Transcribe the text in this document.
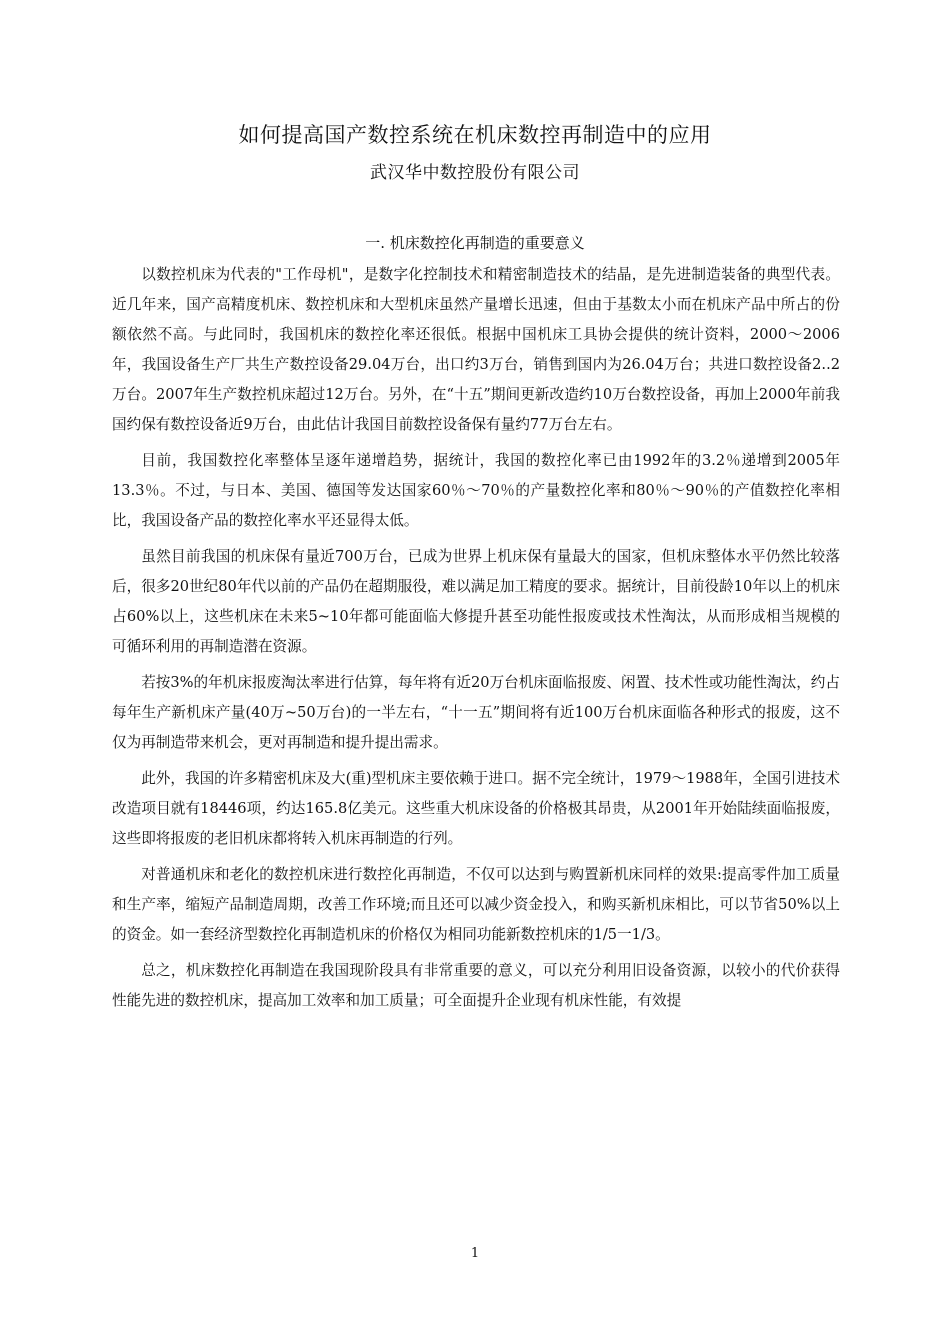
如何提高国产数控系统在机床数控再制造中的应用
武汉华中数控股份有限公司
一. 机床数控化再制造的重要意义

以数控机床为代表的"工作母机"，是数字化控制技术和精密制造技术的结晶，是先进制造装备的典型代表。近几年来，国产高精度机床、数控机床和大型机床虽然产量增长迅速，但由于基数太小而在机床产品中所占的份额依然不高。与此同时，我国机床的数控化率还很低。根据中国机床工具协会提供的统计资料，2000～2006年，我国设备生产厂共生产数控设备29.04万台，出口约3万台，销售到国内为26.04万台；共进口数控设备2..2万台。2007年生产数控机床超过12万台。另外，在“十五”期间更新改造约10万台数控设备，再加上2000年前我国约保有数控设备近9万台，由此估计我国目前数控设备保有量约77万台左右。

目前，我国数控化率整体呈逐年递增趋势，据统计，我国的数控化率已由1992年的3.2％递增到2005年13.3％。不过，与日本、美国、德国等发达国家60％～70％的产量数控化率和80％～90％的产值数控化率相比，我国设备产品的数控化率水平还显得太低。

虽然目前我国的机床保有量近700万台，已成为世界上机床保有量最大的国家，但机床整体水平仍然比较落后，很多20世纪80年代以前的产品仍在超期服役，难以满足加工精度的要求。据统计，目前役龄10年以上的机床占60%以上，这些机床在未来5~10年都可能面临大修提升甚至功能性报废或技术性淘汰，从而形成相当规模的可循环利用的再制造潜在资源。

若按3%的年机床报废淘汰率进行估算，每年将有近20万台机床面临报废、闲置、技术性或功能性淘汰，约占每年生产新机床产量(40万~50万台)的一半左右，“十一五”期间将有近100万台机床面临各种形式的报废，这不仅为再制造带来机会，更对再制造和提升提出需求。

此外，我国的许多精密机床及大(重)型机床主要依赖于进口。据不完全统计，1979～1988年，全国引进技术改造项目就有18446项，约达165.8亿美元。这些重大机床设备的价格极其昂贵，从2001年开始陆续面临报废，这些即将报废的老旧机床都将转入机床再制造的行列。

对普通机床和老化的数控机床进行数控化再制造，不仅可以达到与购置新机床同样的效果:提高零件加工质量和生产率，缩短产品制造周期，改善工作环境;而且还可以减少资金投入，和购买新机床相比，可以节省50%以上的资金。如一套经济型数控化再制造机床的价格仅为相同功能新数控机床的1/5一1/3。

总之，机床数控化再制造在我国现阶段具有非常重要的意义，可以充分利用旧设备资源，以较小的代价获得性能先进的数控机床，提高加工效率和加工质量；可全面提升企业现有机床性能，有效提

1
